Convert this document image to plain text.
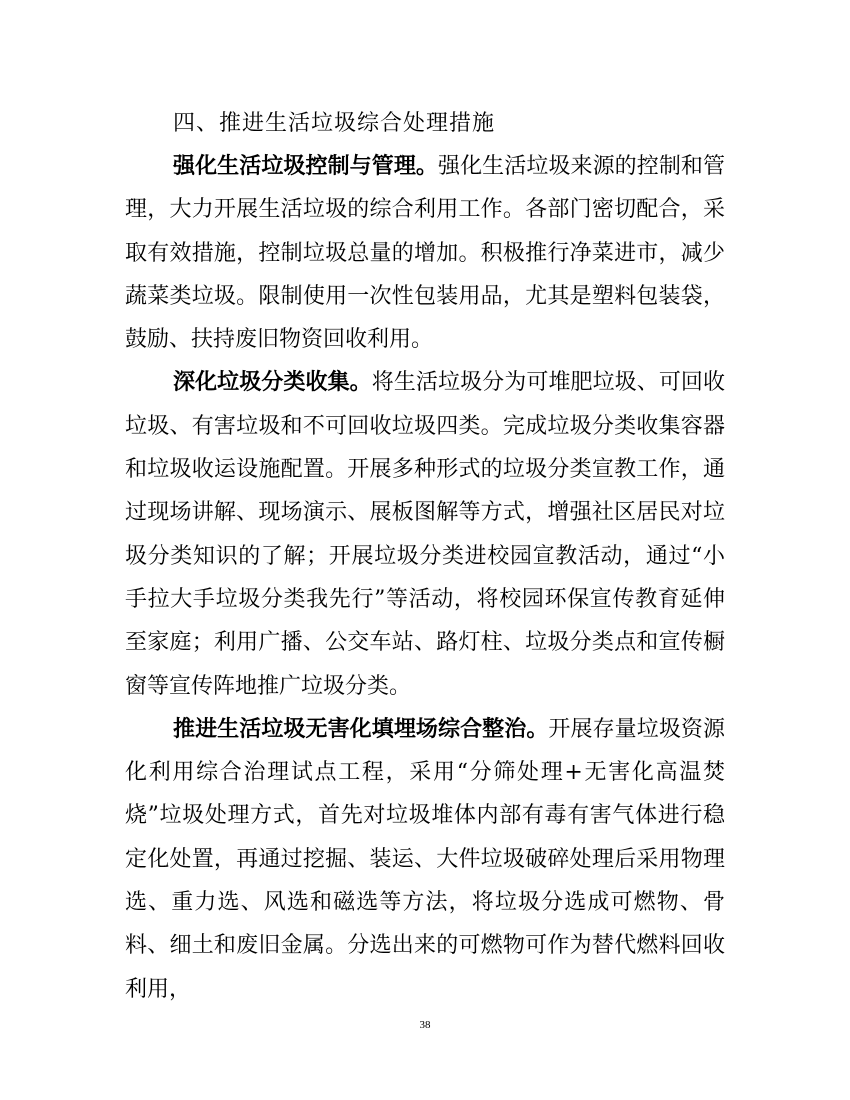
四、推进生活垃圾综合处理措施

强化生活垃圾控制与管理。强化生活垃圾来源的控制和管理，大力开展生活垃圾的综合利用工作。各部门密切配合，采取有效措施，控制垃圾总量的增加。积极推行净菜进市，减少蔬菜类垃圾。限制使用一次性包装用品，尤其是塑料包装袋，鼓励、扶持废旧物资回收利用。

深化垃圾分类收集。将生活垃圾分为可堆肥垃圾、可回收垃圾、有害垃圾和不可回收垃圾四类。完成垃圾分类收集容器和垃圾收运设施配置。开展多种形式的垃圾分类宣教工作，通过现场讲解、现场演示、展板图解等方式，增强社区居民对垃圾分类知识的了解；开展垃圾分类进校园宣教活动，通过“小手拉大手垃圾分类我先行”等活动，将校园环保宣传教育延伸至家庭；利用广播、公交车站、路灯柱、垃圾分类点和宣传橱窗等宣传阵地推广垃圾分类。

推进生活垃圾无害化填埋场综合整治。开展存量垃圾资源化利用综合治理试点工程，采用“分筛处理+无害化高温焚烧”垃圾处理方式，首先对垃圾堆体内部有毒有害气体进行稳定化处置，再通过挖掘、装运、大件垃圾破碎处理后采用物理选、重力选、风选和磁选等方法，将垃圾分选成可燃物、骨料、细土和废旧金属。分选出来的可燃物可作为替代燃料回收利用，

38
